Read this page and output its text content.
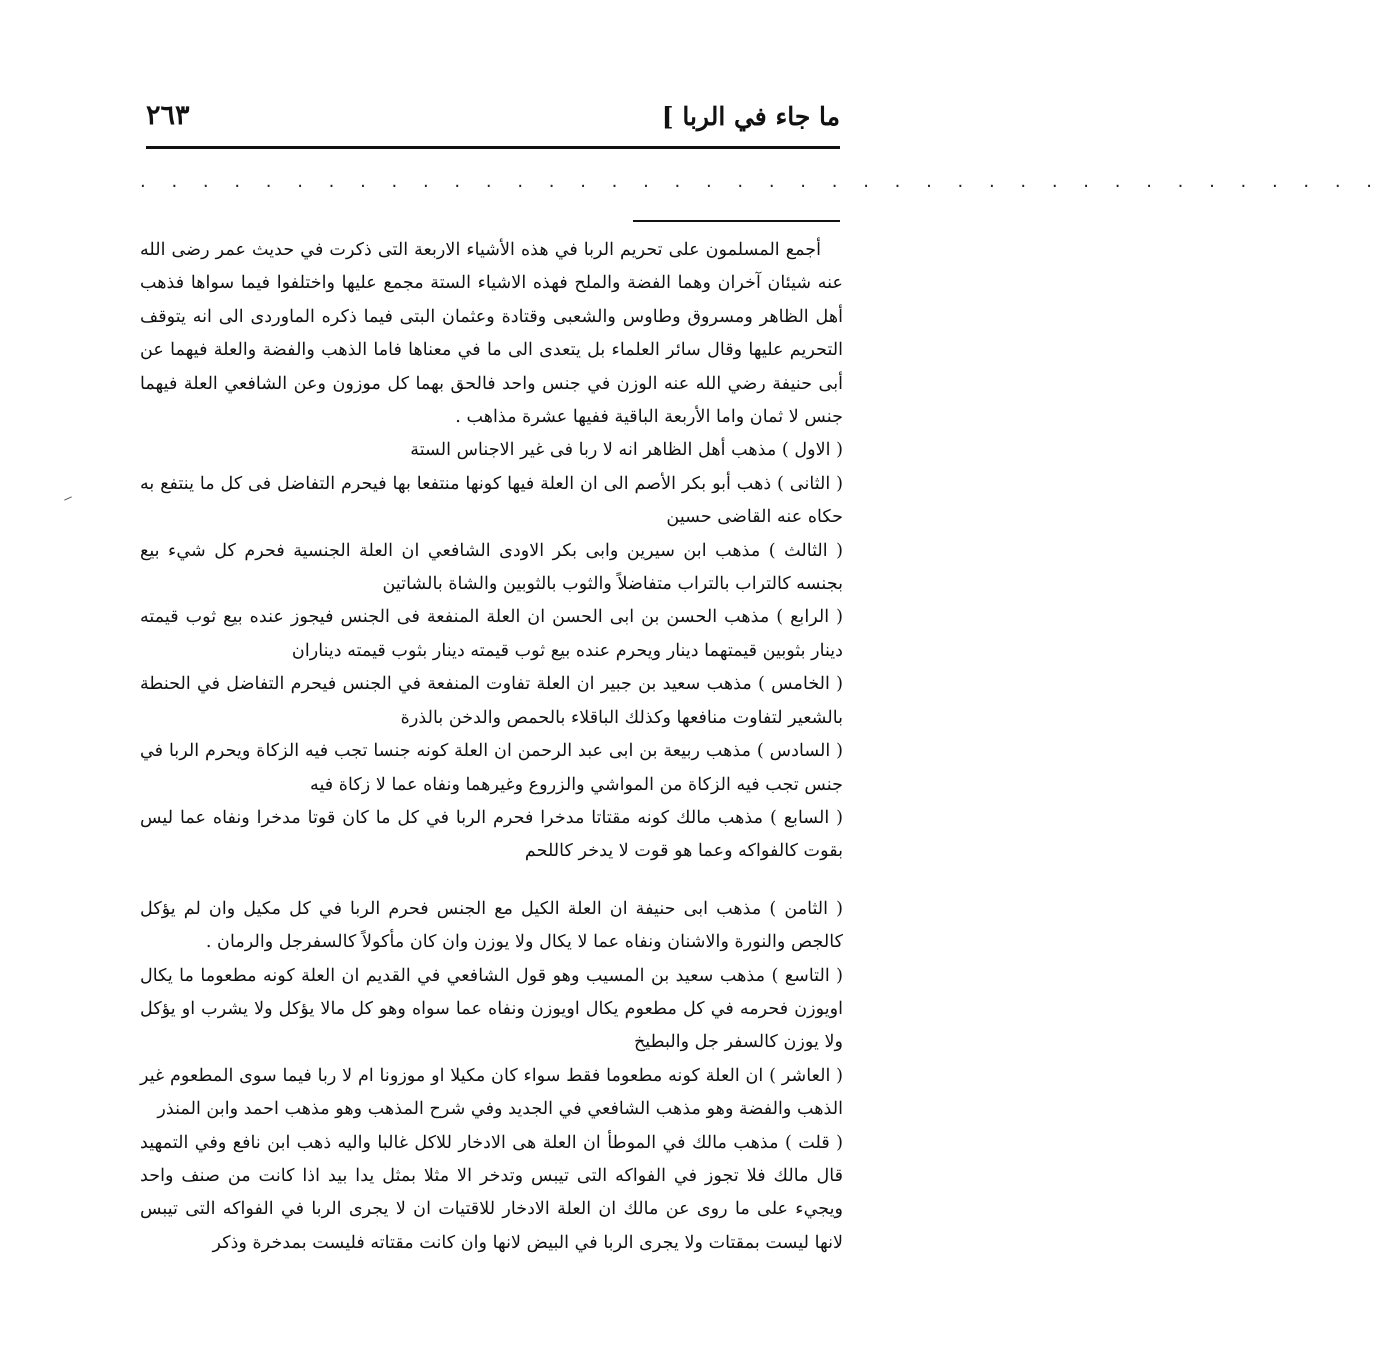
ما جاء في الربا ]
٢٦٣
. . . . . . . . . . . . . . . . . . . . . . . . . . . . . . . . . . . . . . . .

أجمع المسلمون على تحريم الربا في هذه الأشياء الاربعة التى ذكرت في حديث عمر رضى الله عنه شيئان آخران وهما الفضة والملح فهذه الاشياء الستة مجمع عليها واختلفوا فيما سواها فذهب أهل الظاهر ومسروق وطاوس والشعبى وقتادة وعثمان البتى فيما ذكره الماوردى الى انه يتوقف التحريم عليها وقال سائر العلماء بل يتعدى الى ما في معناها فاما الذهب والفضة والعلة فيهما عن أبى حنيفة رضي الله عنه الوزن في جنس واحد فالحق بهما كل موزون وعن الشافعي العلة فيهما جنس لا ثمان واما الأربعة الباقية ففيها عشرة مذاهب .

( الاول ) مذهب أهل الظاهر انه لا ربا فى غير الاجناس الستة

( الثانى ) ذهب أبو بكر الأصم الى ان العلة فيها كونها منتفعا بها فيحرم التفاضل فى كل ما ينتفع به حكاه عنه القاضى حسين

( الثالث ) مذهب ابن سيرين وابى بكر الاودى الشافعي ان العلة الجنسية فحرم كل شيء بيع بجنسه كالتراب بالتراب متفاضلاً والثوب بالثوبين والشاة بالشاتين

( الرابع ) مذهب الحسن بن ابى الحسن ان العلة المنفعة فى الجنس فيجوز عنده بيع ثوب قيمته دينار بثوبين قيمتهما دينار ويحرم عنده بيع ثوب قيمته دينار بثوب قيمته ديناران

( الخامس ) مذهب سعيد بن جبير ان العلة تفاوت المنفعة في الجنس فيحرم التفاضل في الحنطة بالشعير لتفاوت منافعها وكذلك الباقلاء بالحمص والدخن بالذرة

( السادس ) مذهب ربيعة بن ابى عبد الرحمن ان العلة كونه جنسا تجب فيه الزكاة ويحرم الربا في جنس تجب فيه الزكاة من المواشي والزروع وغيرهما ونفاه عما لا زكاة فيه

( السابع ) مذهب مالك كونه مقتاتا مدخرا فحرم الربا في كل ما كان قوتا مدخرا ونفاه عما ليس بقوت كالفواكه وعما هو قوت لا يدخر كاللحم

( الثامن ) مذهب ابى حنيفة ان العلة الكيل مع الجنس فحرم الربا في كل مكيل وان لم يؤكل كالجص والنورة والاشنان ونفاه عما لا يكال ولا يوزن وان كان مأكولاً كالسفرجل والرمان .

( التاسع ) مذهب سعيد بن المسيب وهو قول الشافعي في القديم ان العلة كونه مطعوما ما يكال اويوزن فحرمه في كل مطعوم يكال اويوزن ونفاه عما سواه وهو كل مالا يؤكل ولا يشرب او يؤكل ولا يوزن كالسفر جل والبطيخ

( العاشر ) ان العلة كونه مطعوما فقط سواء كان مكيلا او موزونا ام لا ربا فيما سوى المطعوم غير الذهب والفضة وهو مذهب الشافعي في الجديد وفي شرح المذهب وهو مذهب احمد وابن المنذر

( قلت ) مذهب مالك في الموطأ ان العلة هى الادخار للاكل غالبا واليه ذهب ابن نافع وفي التمهيد قال مالك فلا تجوز في الفواكه التى تيبس وتدخر الا مثلا بمثل يدا بيد اذا كانت من صنف واحد ويجيء على ما روى عن مالك ان العلة الادخار للاقتيات ان لا يجرى الربا في الفواكه التى تيبس لانها ليست بمقتات ولا يجرى الربا في البيض لانها وان كانت مقتاته فليست بمدخرة وذكر
